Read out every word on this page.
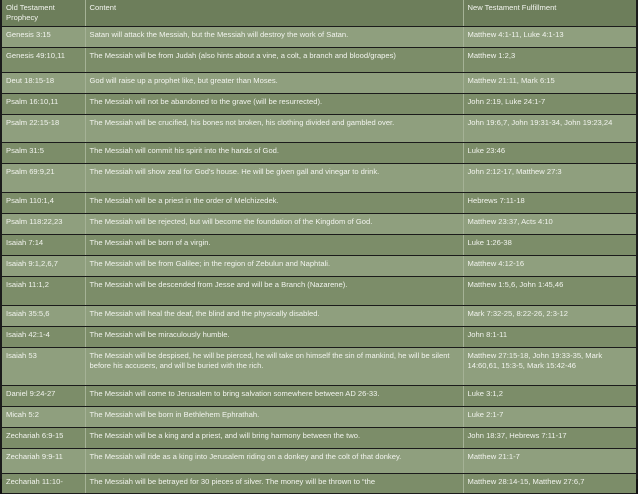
Old Testament Prophecy	Content	New Testament Fulfillment
Genesis 3:15	Satan will attack the Messiah, but the Messiah will destroy the work of Satan.	Matthew 4:1-11, Luke 4:1-13
Genesis 49:10,11	The Messiah will be from Judah (also hints about a vine, a colt, a branch and blood/grapes)	Matthew 1:2,3
Deut 18:15-18	God will raise up a prophet like, but greater than Moses.	Matthew 21:11, Mark 6:15
Psalm 16:10,11	The Messiah will not be abandoned to the grave (will be resurrected).	John 2:19, Luke 24:1-7
Psalm 22:15-18	The Messiah will be crucified, his bones not broken, his clothing divided and gambled over.	John 19:6,7, John 19:31-34, John 19:23,24
Psalm 31:5	The Messiah will commit his spirit into the hands of God.	Luke 23:46
Psalm 69:9,21	The Messiah will show zeal for God's house. He will be given gall and vinegar to drink.	John 2:12-17, Matthew 27:3
Psalm 110:1,4	The Messiah will be a priest in the order of Melchizedek.	Hebrews 7:11-18
Psalm 118:22,23	The Messiah will be rejected, but will become the foundation of the Kingdom of God.	Matthew 23:37, Acts 4:10
Isaiah 7:14	The Messiah will be born of a virgin.	Luke 1:26-38
Isaiah 9:1,2,6,7	The Messiah will be from Galilee; in the region of Zebulun and Naphtali.	Matthew 4:12-16
Isaiah 11:1,2	The Messiah will be descended from Jesse and will be a Branch (Nazarene).	Matthew 1:5,6, John 1:45,46
Isaiah 35:5,6	The Messiah will heal the deaf, the blind and the physically disabled.	Mark 7:32-25, 8:22-26, 2:3-12
Isaiah 42:1-4	The Messiah will be miraculously humble.	John 8:1-11
Isaiah 53	The Messiah will be despised, he will be pierced, he will take on himself the sin of mankind, he will be silent before his accusers, and will be buried with the rich.	Matthew 27:15-18, John 19:33-35, Mark 14:60,61, 15:3-5, Mark 15:42-46
Daniel 9:24-27	The Messiah will come to Jerusalem to bring salvation somewhere between AD 26-33.	Luke 3:1,2
Micah 5:2	The Messiah will be born in Bethlehem Ephrathah.	Luke 2:1-7
Zechariah 6:9-15	The Messiah will be a king and a priest, and will bring harmony between the two.	John 18:37, Hebrews 7:11-17
Zechariah 9:9-11	The Messiah will ride as a king into Jerusalem riding on a donkey and the colt of that donkey.	Matthew 21:1-7
Zechariah 11:10-	The Messiah will be betrayed for 30 pieces of silver. The money will be thrown to “the	Matthew 28:14-15, Matthew 27:6,7
